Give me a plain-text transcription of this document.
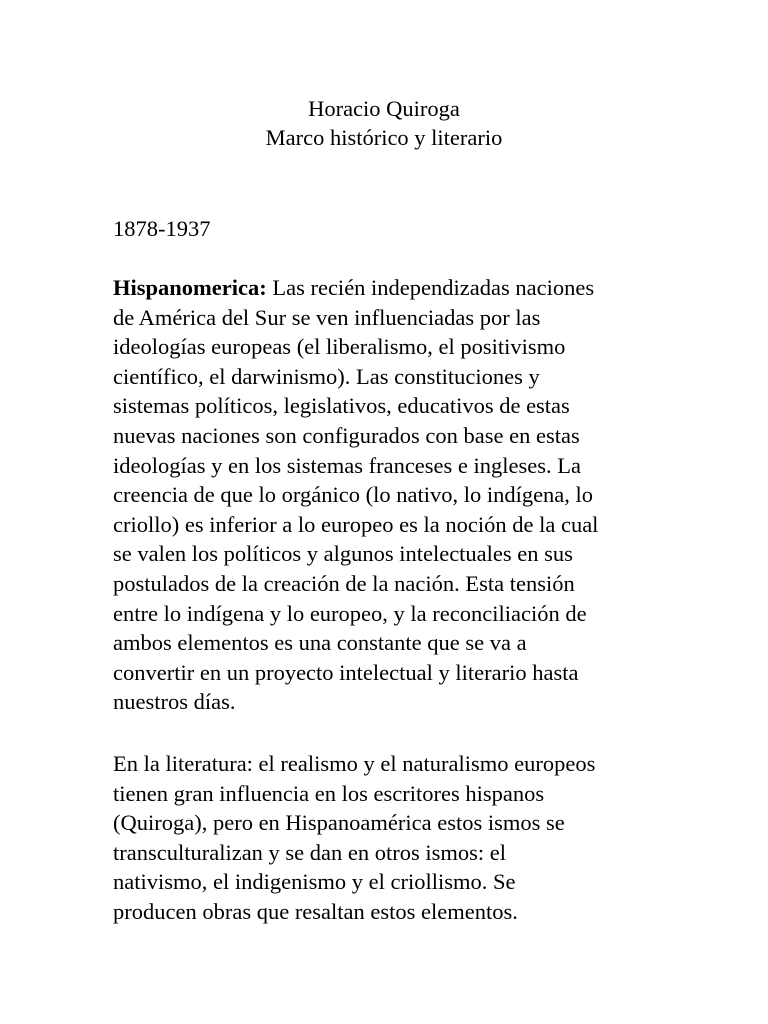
Horacio Quiroga
Marco histórico y literario
1878-1937
Hispanomerica: Las recién independizadas naciones
de América del Sur se ven influenciadas por las
ideologías europeas (el liberalismo, el positivismo
científico, el darwinismo). Las constituciones y
sistemas políticos, legislativos, educativos de estas
nuevas naciones son configurados con base en estas
ideologías y en los sistemas franceses e ingleses. La
creencia de que lo orgánico (lo nativo, lo indígena, lo
criollo) es inferior a lo europeo es la noción de la cual
se valen los políticos y algunos intelectuales en sus
postulados de la creación de la nación. Esta tensión
entre lo indígena y lo europeo, y la reconciliación de
ambos elementos es una constante que se va a
convertir en un proyecto intelectual y literario hasta
nuestros días.
En la literatura: el realismo y el naturalismo europeos
tienen gran influencia en los escritores hispanos
(Quiroga), pero en Hispanoamérica estos ismos se
transculturalizan y se dan en otros ismos: el
nativismo, el indigenismo y el criollismo. Se
producen obras que resaltan estos elementos.
